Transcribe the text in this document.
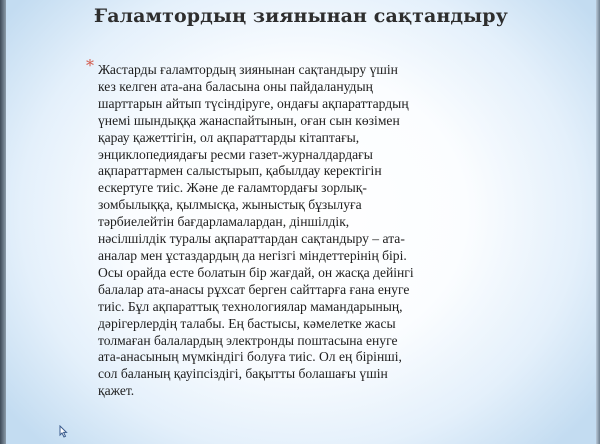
Ғаламтордың зиянынан сақтандыру
* Жастарды ғаламтордың зиянынан сақтандыру үшін
кез келген ата-ана баласына оны пайдаланудың
шарттарын айтып түсіндіруге, ондағы ақпараттардың
үнемі шындыққа жанаспайтынын, оған сын көзімен
қарау қажеттігін, ол ақпараттарды кітаптағы,
энциклопедиядағы ресми газет-журналдардағы
ақпараттармен салыстырып, қабылдау керектігін
ескертуге тиіс. Және де ғаламтордағы зорлық-
зомбылыққа, қылмысқа, жыныстық бұзылуға
тәрбиелейтін бағдарламалардан, діншілдік,
нәсілшілдік туралы ақпараттардан сақтандыру – ата-
аналар мен ұстаздардың да негізгі міндеттерінің бірі.
Осы орайда есте болатын бір жағдай, он жасқа дейінгі
балалар ата-анасы рұхсат берген сайттарға ғана енуге
тиіс. Бұл ақпараттық технологиялар мамандарының,
дәрігерлердің талабы. Ең бастысы, кәмелетке жасы
толмаған балалардың электронды поштасына енуге
ата-анасының мүмкіндігі болуға тиіс. Ол ең біріншi,
сол баланың қауіпсіздігі, бақытты болашағы үшін
қажет.
